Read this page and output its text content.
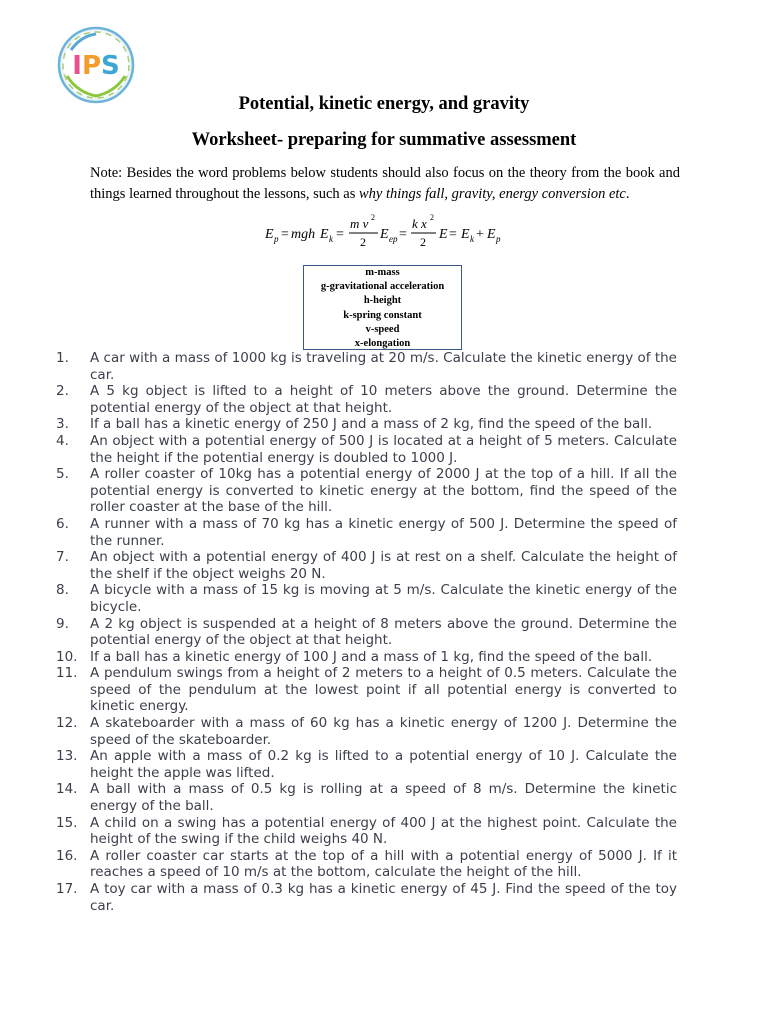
IPS
Potential, kinetic energy, and gravity
Worksheet- preparing for summative assessment
Note: Besides the word problems below students should also focus on the theory from the book and things learned throughout the lessons, such as why things fall, gravity, energy conversion etc.
E p = mgh E k =
m v 2
2 E ep =
k x 2
2 E = E k + E p
m-mass
g-gravitational acceleration
h-height
k-spring constant
v-speed
x-elongation
1.	A car with a mass of 1000 kg is traveling at 20 m/s. Calculate the kinetic energy of the car.
2.	A 5 kg object is lifted to a height of 10 meters above the ground. Determine the potential energy of the object at that height.
3.	If a ball has a kinetic energy of 250 J and a mass of 2 kg, find the speed of the ball.
4.	An object with a potential energy of 500 J is located at a height of 5 meters. Calculate the height if the potential energy is doubled to 1000 J.
5.	A roller coaster of 10kg has a potential energy of 2000 J at the top of a hill. If all the potential energy is converted to kinetic energy at the bottom, find the speed of the roller coaster at the base of the hill.
6.	A runner with a mass of 70 kg has a kinetic energy of 500 J. Determine the speed of the runner.
7.	An object with a potential energy of 400 J is at rest on a shelf. Calculate the height of the shelf if the object weighs 20 N.
8.	A bicycle with a mass of 15 kg is moving at 5 m/s. Calculate the kinetic energy of the bicycle.
9.	A 2 kg object is suspended at a height of 8 meters above the ground. Determine the potential energy of the object at that height.
10. If a ball has a kinetic energy of 100 J and a mass of 1 kg, find the speed of the ball.
11. A pendulum swings from a height of 2 meters to a height of 0.5 meters. Calculate the speed of the pendulum at the lowest point if all potential energy is converted to kinetic energy.
12. A skateboarder with a mass of 60 kg has a kinetic energy of 1200 J. Determine the speed of the skateboarder.
13. An apple with a mass of 0.2 kg is lifted to a potential energy of 10 J. Calculate the height the apple was lifted.
14. A ball with a mass of 0.5 kg is rolling at a speed of 8 m/s. Determine the kinetic energy of the ball.
15. A child on a swing has a potential energy of 400 J at the highest point. Calculate the height of the swing if the child weighs 40 N.
16. A roller coaster car starts at the top of a hill with a potential energy of 5000 J. If it reaches a speed of 10 m/s at the bottom, calculate the height of the hill.
17. A toy car with a mass of 0.3 kg has a kinetic energy of 45 J. Find the speed of the toy car.
